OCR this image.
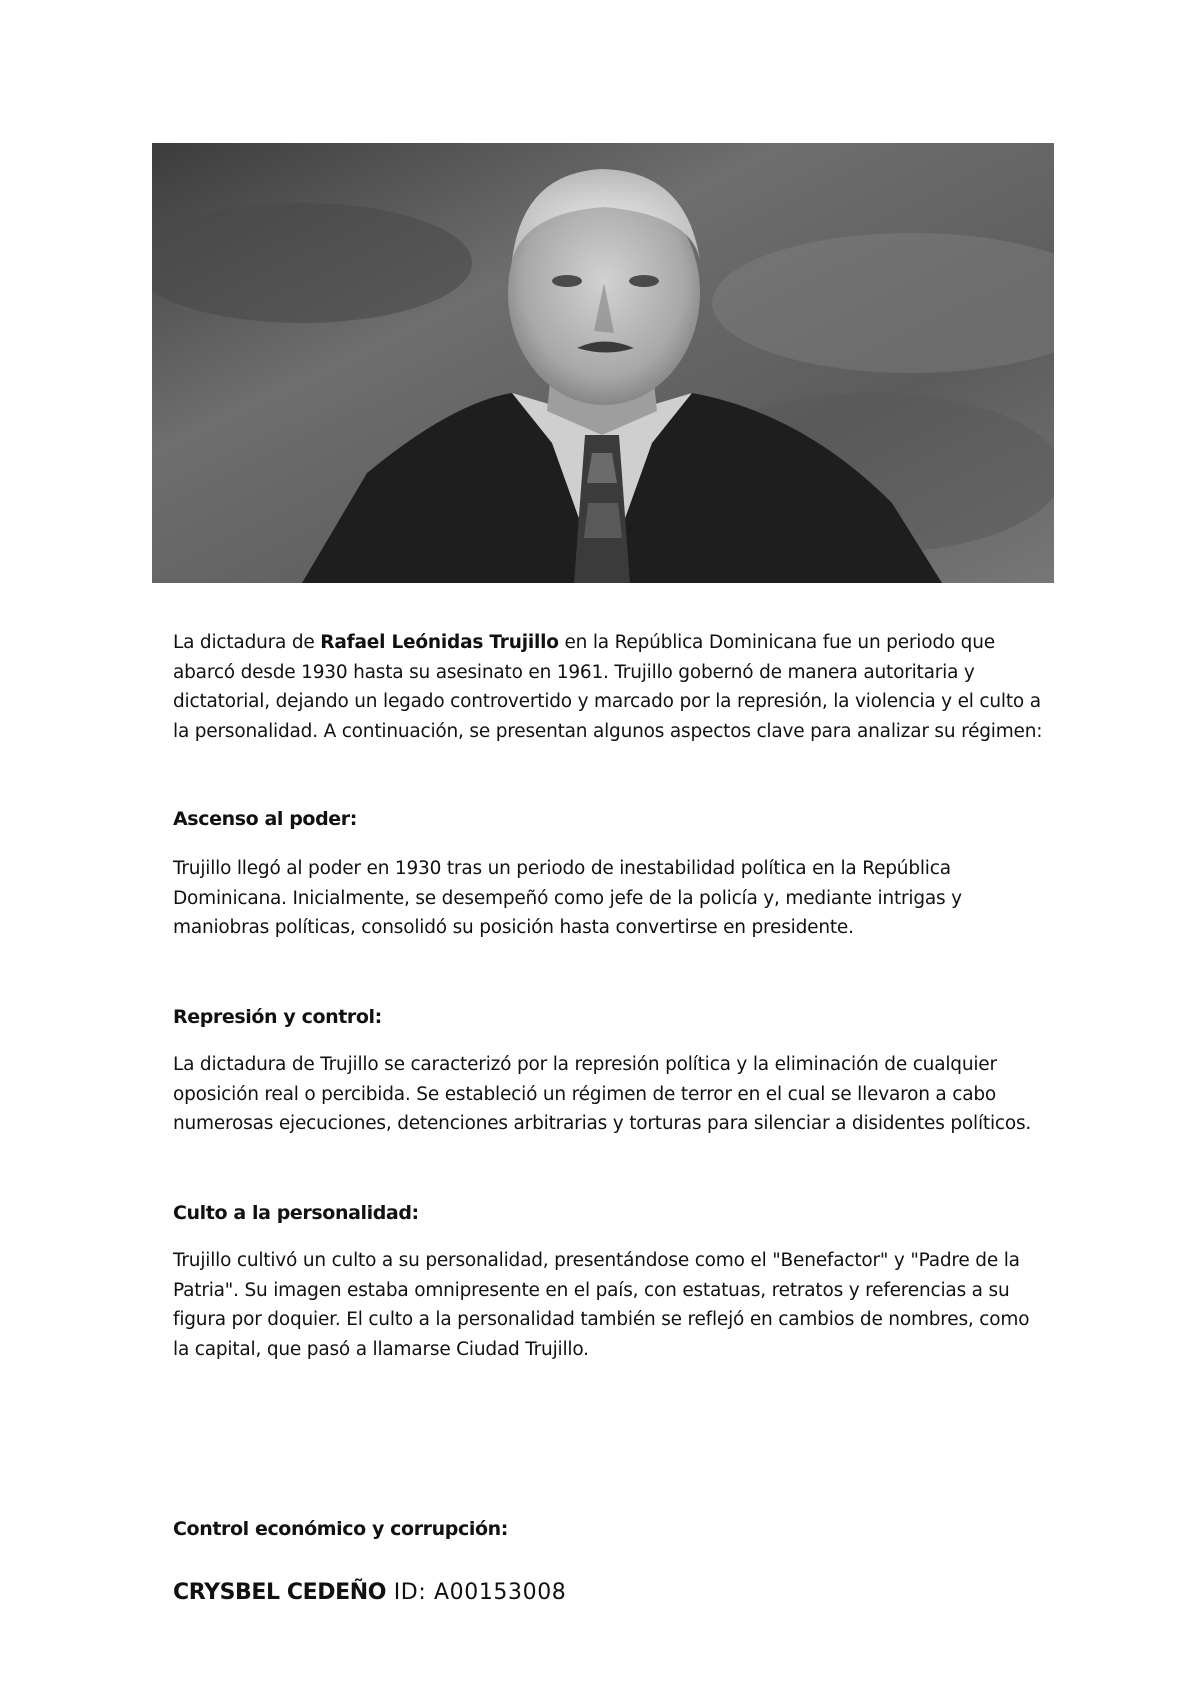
La dictadura de Rafael Leónidas Trujillo en la República Dominicana fue un periodo que abarcó desde 1930 hasta su asesinato en 1961. Trujillo gobernó de manera autoritaria y dictatorial, dejando un legado controvertido y marcado por la represión, la violencia y el culto a la personalidad. A continuación, se presentan algunos aspectos clave para analizar su régimen:

Ascenso al poder:

Trujillo llegó al poder en 1930 tras un periodo de inestabilidad política en la República Dominicana. Inicialmente, se desempeñó como jefe de la policía y, mediante intrigas y maniobras políticas, consolidó su posición hasta convertirse en presidente.

Represión y control:

La dictadura de Trujillo se caracterizó por la represión política y la eliminación de cualquier oposición real o percibida. Se estableció un régimen de terror en el cual se llevaron a cabo numerosas ejecuciones, detenciones arbitrarias y torturas para silenciar a disidentes políticos.

Culto a la personalidad:

Trujillo cultivó un culto a su personalidad, presentándose como el "Benefactor" y "Padre de la Patria". Su imagen estaba omnipresente en el país, con estatuas, retratos y referencias a su figura por doquier. El culto a la personalidad también se reflejó en cambios de nombres, como la capital, que pasó a llamarse Ciudad Trujillo.

Control económico y corrupción:
CRYSBEL CEDEÑO ID: A00153008
